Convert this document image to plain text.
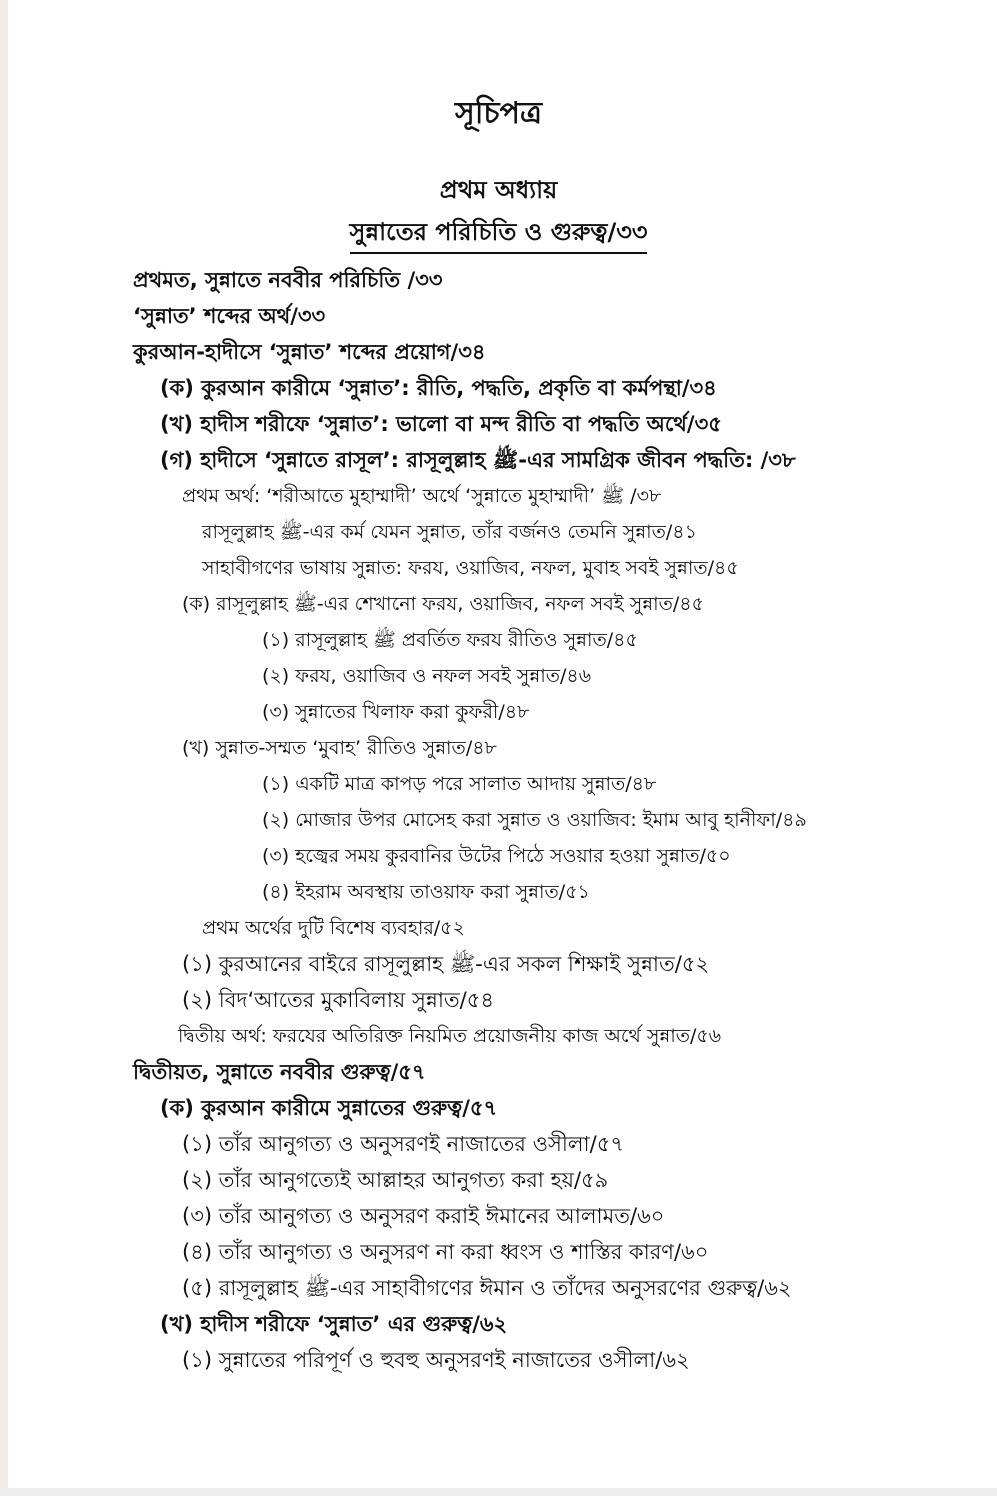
সূচিপত্র
প্রথম অধ্যায়
সুন্নাতের পরিচিতি ও গুরুত্ব/৩৩
প্রথমত, সুন্নাতে নববীর পরিচিতি /৩৩
‘সুন্নাত’ শব্দের অর্থ/৩৩
কুরআন-হাদীসে ‘সুন্নাত’ শব্দের প্রয়োগ/৩৪
(ক) কুরআন কারীমে ‘সুন্নাত’: রীতি, পদ্ধতি, প্রকৃতি বা কর্মপন্থা/৩৪
(খ) হাদীস শরীফে ‘সুন্নাত’: ভালো বা মন্দ রীতি বা পদ্ধতি অর্থে/৩৫
(গ) হাদীসে ‘সুন্নাতে রাসূল’: রাসূলুল্লাহ ﷺ-এর সামগ্রিক জীবন পদ্ধতি: /৩৮
প্রথম অর্থ: ‘শরীআতে মুহাম্মাদী’ অর্থে ‘সুন্নাতে মুহাম্মাদী’ ﷺ /৩৮
রাসূলুল্লাহ ﷺ-এর কর্ম যেমন সুন্নাত, তাঁর বর্জনও তেমনি সুন্নাত/৪১
সাহাবীগণের ভাষায় সুন্নাত: ফরয, ওয়াজিব, নফল, মুবাহ সবই সুন্নাত/৪৫
(ক) রাসূলুল্লাহ ﷺ-এর শেখানো ফরয, ওয়াজিব, নফল সবই সুন্নাত/৪৫
(১) রাসূলুল্লাহ ﷺ প্রবর্তিত ফরয রীতিও সুন্নাত/৪৫
(২) ফরয, ওয়াজিব ও নফল সবই সুন্নাত/৪৬
(৩) সুন্নাতের খিলাফ করা কুফরী/৪৮
(খ) সুন্নাত-সম্মত ‘মুবাহ’ রীতিও সুন্নাত/৪৮
(১) একটি মাত্র কাপড় পরে সালাত আদায় সুন্নাত/৪৮
(২) মোজার উপর মোসেহ করা সুন্নাত ও ওয়াজিব: ইমাম আবু হানীফা/৪৯
(৩) হজ্বের সময় কুরবানির উটের পিঠে সওয়ার হওয়া সুন্নাত/৫০
(৪) ইহরাম অবস্থায় তাওয়াফ করা সুন্নাত/৫১
প্রথম অর্থের দুটি বিশেষ ব্যবহার/৫২
(১) কুরআনের বাইরে রাসূলুল্লাহ ﷺ-এর সকল শিক্ষাই সুন্নাত/৫২
(২) বিদ‘আতের মুকাবিলায় সুন্নাত/৫৪
দ্বিতীয় অর্থ: ফরযের অতিরিক্ত নিয়মিত প্রয়োজনীয় কাজ অর্থে সুন্নাত/৫৬
দ্বিতীয়ত, সুন্নাতে নববীর গুরুত্ব/৫৭
(ক) কুরআন কারীমে সুন্নাতের গুরুত্ব/৫৭
(১) তাঁর আনুগত্য ও অনুসরণই নাজাতের ওসীলা/৫৭
(২) তাঁর আনুগত্যেই আল্লাহর আনুগত্য করা হয়/৫৯
(৩) তাঁর আনুগত্য ও অনুসরণ করাই ঈমানের আলামত/৬০
(৪) তাঁর আনুগত্য ও অনুসরণ না করা ধ্বংস ও শাস্তির কারণ/৬০
(৫) রাসূলুল্লাহ ﷺ-এর সাহাবীগণের ঈমান ও তাঁদের অনুসরণের গুরুত্ব/৬২
(খ) হাদীস শরীফে ‘সুন্নাত’ এর গুরুত্ব/৬২
(১) সুন্নাতের পরিপূর্ণ ও হুবহু অনুসরণই নাজাতের ওসীলা/৬২
